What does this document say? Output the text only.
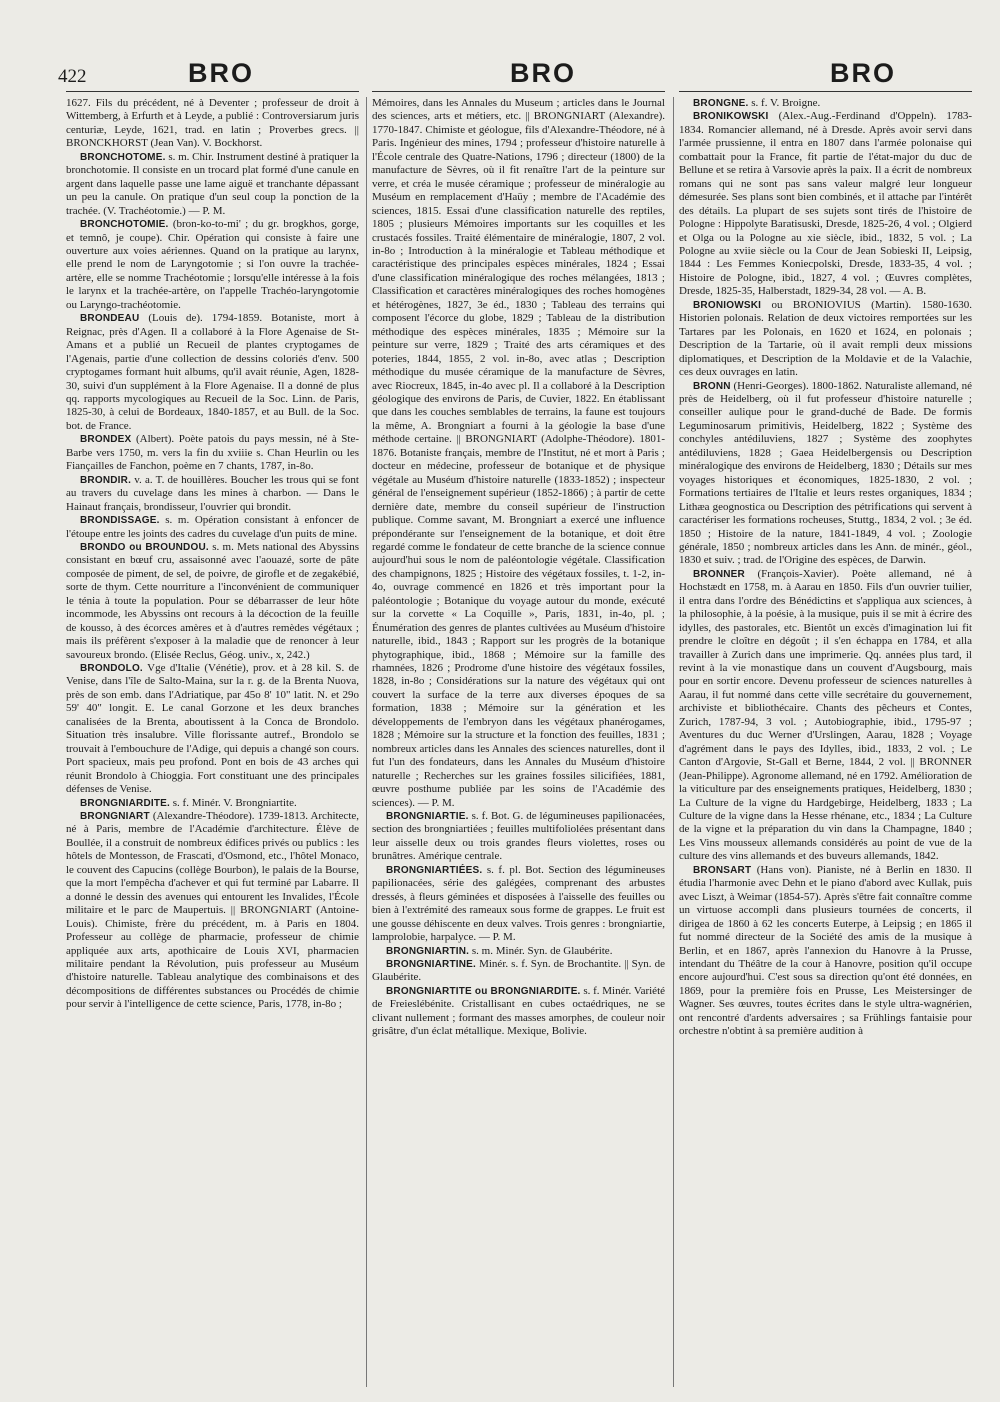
422	BRO	BRO	BRO

1627. Fils du précédent, né à Deventer ; professeur de droit à Wittemberg, à Erfurth et à Leyde, a publié : Controversiarum juris centuriæ, Leyde, 1621, trad. en latin ; Proverbes grecs. || BRONCKHORST (Jean Van). V. Bockhorst.

BRONCHOTOME. s. m. Chir. Instrument destiné à pratiquer la bronchotomie. Il consiste en un trocard plat formé d'une canule en argent dans laquelle passe une lame aiguë et tranchante dépassant un peu la canule. On pratique d'un seul coup la ponction de la trachée. (V. Trachéotomie.) — P. M.

BRONCHOTOMIE. (bron-ko-to-mi' ; du gr. brogkhos, gorge, et temnô, je coupe). Chir. Opération qui consiste à faire une ouverture aux voies aériennes. Quand on la pratique au larynx, elle prend le nom de Laryngotomie ; si l'on ouvre la trachée-artère, elle se nomme Trachéotomie ; lorsqu'elle intéresse à la fois le larynx et la trachée-artère, on l'appelle Trachéo-laryngotomie ou Laryngo-trachéotomie.

BRONDEAU (Louis de). 1794-1859. Botaniste, mort à Reignac, près d'Agen. Il a collaboré à la Flore Agenaise de St-Amans et a publié un Recueil de plantes cryptogames de l'Agenais, partie d'une collection de dessins coloriés d'env. 500 cryptogames formant huit albums, qu'il avait réunie, Agen, 1828-30, suivi d'un supplément à la Flore Agenaise. Il a donné de plus qq. rapports mycologiques au Recueil de la Soc. Linn. de Paris, 1825-30, à celui de Bordeaux, 1840-1857, et au Bull. de la Soc. bot. de France.

BRONDEX (Albert). Poète patois du pays messin, né à Ste-Barbe vers 1750, m. vers la fin du xviiie s. Chan Heurlin ou les Fiançailles de Fanchon, poème en 7 chants, 1787, in-8o.

BRONDIR. v. a. T. de houillères. Boucher les trous qui se font au travers du cuvelage dans les mines à charbon. — Dans le Hainaut français, brondisseur, l'ouvrier qui brondit.

BRONDISSAGE. s. m. Opération consistant à enfoncer de l'étoupe entre les joints des cadres du cuvelage d'un puits de mine.

BRONDO ou BROUNDOU. s. m. Mets national des Abyssins consistant en bœuf cru, assaisonné avec l'aouazé, sorte de pâte composée de piment, de sel, de poivre, de girofle et de zegakébié, sorte de thym. Cette nourriture a l'inconvénient de communiquer le ténia à toute la population. Pour se débarrasser de leur hôte incommode, les Abyssins ont recours à la décoction de la feuille de kousso, à des écorces amères et à d'autres remèdes végétaux ; mais ils préfèrent s'exposer à la maladie que de renoncer à leur savoureux brondo. (Elisée Reclus, Géog. univ., x, 242.)

BRONDOLO. Vge d'Italie (Vénétie), prov. et à 28 kil. S. de Venise, dans l'île de Salto-Maina, sur la r. g. de la Brenta Nuova, près de son emb. dans l'Adriatique, par 45o 8' 10" latit. N. et 29o 59' 40" longit. E. Le canal Gorzone et les deux branches canalisées de la Brenta, aboutissent à la Conca de Brondolo. Situation très insalubre. Ville florissante autref., Brondolo se trouvait à l'embouchure de l'Adige, qui depuis a changé son cours. Port spacieux, mais peu profond. Pont en bois de 43 arches qui réunit Brondolo à Chioggia. Fort constituant une des principales défenses de Venise.

BRONGNIARDITE. s. f. Minér. V. Brongniartite.

BRONGNIART (Alexandre-Théodore). 1739-1813. Architecte, né à Paris, membre de l'Académie d'architecture. Élève de Boullée, il a construit de nombreux édifices privés ou publics : les hôtels de Montesson, de Frascati, d'Osmond, etc., l'hôtel Monaco, le couvent des Capucins (collège Bourbon), le palais de la Bourse, que la mort l'empêcha d'achever et qui fut terminé par Labarre. Il a donné le dessin des avenues qui entourent les Invalides, l'École militaire et le parc de Maupertuis. || BRONGNIART (Antoine-Louis). Chimiste, frère du précédent, m. à Paris en 1804. Professeur au collège de pharmacie, professeur de chimie appliquée aux arts, apothicaire de Louis XVI, pharmacien militaire pendant la Révolution, puis professeur au Muséum d'histoire naturelle. Tableau analytique des combinaisons et des décompositions de différentes substances ou Procédés de chimie pour servir à l'intelligence de cette science, Paris, 1778, in-8o ;

Mémoires, dans les Annales du Museum ; articles dans le Journal des sciences, arts et métiers, etc. || BRONGNIART (Alexandre). 1770-1847. Chimiste et géologue, fils d'Alexandre-Théodore, né à Paris. Ingénieur des mines, 1794 ; professeur d'histoire naturelle à l'École centrale des Quatre-Nations, 1796 ; directeur (1800) de la manufacture de Sèvres, où il fit renaître l'art de la peinture sur verre, et créa le musée céramique ; professeur de minéralogie au Muséum en remplacement d'Haüy ; membre de l'Académie des sciences, 1815. Essai d'une classification naturelle des reptiles, 1805 ; plusieurs Mémoires importants sur les coquilles et les crustacés fossiles. Traité élémentaire de minéralogie, 1807, 2 vol. in-8o ; Introduction à la minéralogie et Tableau méthodique et caractéristique des principales espèces minérales, 1824 ; Essai d'une classification minéralogique des roches mélangées, 1813 ; Classification et caractères minéralogiques des roches homogènes et hétérogènes, 1827, 3e éd., 1830 ; Tableau des terrains qui composent l'écorce du globe, 1829 ; Tableau de la distribution méthodique des espèces minérales, 1835 ; Mémoire sur la peinture sur verre, 1829 ; Traité des arts céramiques et des poteries, 1844, 1855, 2 vol. in-8o, avec atlas ; Description méthodique du musée céramique de la manufacture de Sèvres, avec Riocreux, 1845, in-4o avec pl. Il a collaboré à la Description géologique des environs de Paris, de Cuvier, 1822. En établissant que dans les couches semblables de terrains, la faune est toujours la même, A. Brongniart a fourni à la géologie la base d'une méthode certaine. || BRONGNIART (Adolphe-Théodore). 1801-1876. Botaniste français, membre de l'Institut, né et mort à Paris ; docteur en médecine, professeur de botanique et de physique végétale au Muséum d'histoire naturelle (1833-1852) ; inspecteur général de l'enseignement supérieur (1852-1866) ; à partir de cette dernière date, membre du conseil supérieur de l'instruction publique. Comme savant, M. Brongniart a exercé une influence prépondérante sur l'enseignement de la botanique, et doit être regardé comme le fondateur de cette branche de la science connue aujourd'hui sous le nom de paléontologie végétale. Classification des champignons, 1825 ; Histoire des végétaux fossiles, t. 1-2, in-4o, ouvrage commencé en 1826 et très important pour la paléontologie ; Botanique du voyage autour du monde, exécuté sur la corvette « La Coquille », Paris, 1831, in-4o, pl. ; Énumération des genres de plantes cultivées au Muséum d'histoire naturelle, ibid., 1843 ; Rapport sur les progrès de la botanique phytographique, ibid., 1868 ; Mémoire sur la famille des rhamnées, 1826 ; Prodrome d'une histoire des végétaux fossiles, 1828, in-8o ; Considérations sur la nature des végétaux qui ont couvert la surface de la terre aux diverses époques de sa formation, 1838 ; Mémoire sur la génération et les développements de l'embryon dans les végétaux phanérogames, 1828 ; Mémoire sur la structure et la fonction des feuilles, 1831 ; nombreux articles dans les Annales des sciences naturelles, dont il fut l'un des fondateurs, dans les Annales du Muséum d'histoire naturelle ; Recherches sur les graines fossiles silicifiées, 1881, œuvre posthume publiée par les soins de l'Académie des sciences). — P. M.

BRONGNIARTIE. s. f. Bot. G. de légumineuses papilionacées, section des brongniartiées ; feuilles multifoliolées présentant dans leur aisselle deux ou trois grandes fleurs violettes, roses ou brunâtres. Amérique centrale.

BRONGNIARTIÉES. s. f. pl. Bot. Section des légumineuses papilionacées, série des galégées, comprenant des arbustes dressés, à fleurs géminées et disposées à l'aisselle des feuilles ou bien à l'extrémité des rameaux sous forme de grappes. Le fruit est une gousse déhiscente en deux valves. Trois genres : brongniartie, lamprolobie, harpalyce. — P. M.

BRONGNIARTIN. s. m. Minér. Syn. de Glaubérite.

BRONGNIARTINE. Minér. s. f. Syn. de Brochantite. || Syn. de Glaubérite.

BRONGNIARTITE ou BRONGNIARDITE. s. f. Minér. Variété de Freieslébénite. Cristallisant en cubes octaédriques, ne se clivant nullement ; formant des masses amorphes, de couleur noir grisâtre, d'un éclat métallique. Mexique, Bolivie.

BRONGNE. s. f. V. Broigne.

BRONIKOWSKI (Alex.-Aug.-Ferdinand d'Oppeln). 1783-1834. Romancier allemand, né à Dresde. Après avoir servi dans l'armée prussienne, il entra en 1807 dans l'armée polonaise qui combattait pour la France, fit partie de l'état-major du duc de Bellune et se retira à Varsovie après la paix. Il a écrit de nombreux romans qui ne sont pas sans valeur malgré leur longueur démesurée. Ses plans sont bien combinés, et il attache par l'intérêt des détails. La plupart de ses sujets sont tirés de l'histoire de Pologne : Hippolyte Baratisuski, Dresde, 1825-26, 4 vol. ; Olgierd et Olga ou la Pologne au xie siècle, ibid., 1832, 5 vol. ; La Pologne au xviie siècle ou la Cour de Jean Sobieski II, Leipsig, 1844 : Les Femmes Koniecpolski, Dresde, 1833-35, 4 vol. ; Histoire de Pologne, ibid., 1827, 4 vol. ; Œuvres complètes, Dresde, 1825-35, Halberstadt, 1829-34, 28 vol. — A. B.

BRONIOWSKI ou BRONIOVIUS (Martin). 1580-1630. Historien polonais. Relation de deux victoires remportées sur les Tartares par les Polonais, en 1620 et 1624, en polonais ; Description de la Tartarie, où il avait rempli deux missions diplomatiques, et Description de la Moldavie et de la Valachie, ces deux ouvrages en latin.

BRONN (Henri-Georges). 1800-1862. Naturaliste allemand, né près de Heidelberg, où il fut professeur d'histoire naturelle ; conseiller aulique pour le grand-duché de Bade. De formis Leguminosarum primitivis, Heidelberg, 1822 ; Système des conchyles antédiluviens, 1827 ; Système des zoophytes antédiluviens, 1828 ; Gaea Heidelbergensis ou Description minéralogique des environs de Heidelberg, 1830 ; Détails sur mes voyages historiques et économiques, 1825-1830, 2 vol. ; Formations tertiaires de l'Italie et leurs restes organiques, 1834 ; Lithæa geognostica ou Description des pétrifications qui servent à caractériser les formations rocheuses, Stuttg., 1834, 2 vol. ; 3e éd. 1850 ; Histoire de la nature, 1841-1849, 4 vol. ; Zoologie générale, 1850 ; nombreux articles dans les Ann. de minér., géol., 1830 et suiv. ; trad. de l'Origine des espèces, de Darwin.

BRONNER (François-Xavier). Poète allemand, né à Hochstædt en 1758, m. à Aarau en 1850. Fils d'un ouvrier tuilier, il entra dans l'ordre des Bénédictins et s'appliqua aux sciences, à la philosophie, à la poésie, à la musique, puis il se mit à écrire des idylles, des pastorales, etc. Bientôt un excès d'imagination lui fit prendre le cloître en dégoût ; il s'en échappa en 1784, et alla travailler à Zurich dans une imprimerie. Qq. années plus tard, il revint à la vie monastique dans un couvent d'Augsbourg, mais pour en sortir encore. Devenu professeur de sciences naturelles à Aarau, il fut nommé dans cette ville secrétaire du gouvernement, archiviste et bibliothécaire. Chants des pêcheurs et Contes, Zurich, 1787-94, 3 vol. ; Autobiographie, ibid., 1795-97 ; Aventures du duc Werner d'Urslingen, Aarau, 1828 ; Voyage d'agrément dans le pays des Idylles, ibid., 1833, 2 vol. ; Le Canton d'Argovie, St-Gall et Berne, 1844, 2 vol. || BRONNER (Jean-Philippe). Agronome allemand, né en 1792. Amélioration de la viticulture par des enseignements pratiques, Heidelberg, 1830 ; La Culture de la vigne du Hardgebirge, Heidelberg, 1833 ; La Culture de la vigne dans la Hesse rhénane, etc., 1834 ; La Culture de la vigne et la préparation du vin dans la Champagne, 1840 ; Les Vins mousseux allemands considérés au point de vue de la culture des vins allemands et des buveurs allemands, 1842.

BRONSART (Hans von). Pianiste, né à Berlin en 1830. Il étudia l'harmonie avec Dehn et le piano d'abord avec Kullak, puis avec Liszt, à Weimar (1854-57). Après s'être fait connaître comme un virtuose accompli dans plusieurs tournées de concerts, il dirigea de 1860 à 62 les concerts Euterpe, à Leipsig ; en 1865 il fut nommé directeur de la Société des amis de la musique à Berlin, et en 1867, après l'annexion du Hanovre à la Prusse, intendant du Théâtre de la cour à Hanovre, position qu'il occupe encore aujourd'hui. C'est sous sa direction qu'ont été données, en 1869, pour la première fois en Prusse, Les Meistersinger de Wagner. Ses œuvres, toutes écrites dans le style ultra-wagnérien, ont rencontré d'ardents adversaires ; sa Frühlings fantaisie pour orchestre n'obtint à sa première audition à
